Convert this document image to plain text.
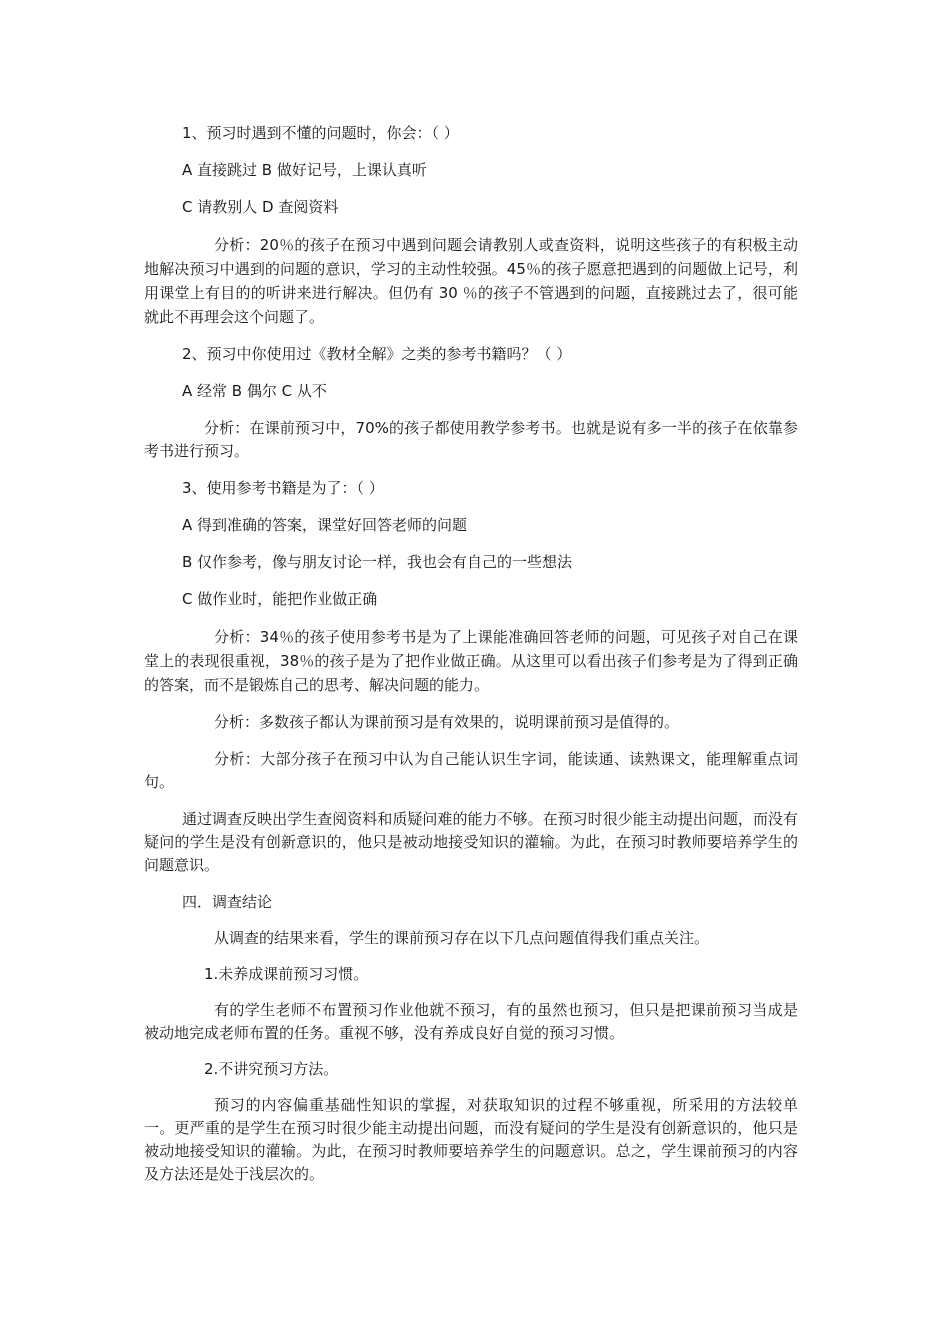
1、预习时遇到不懂的问题时，你会：（ ）

A 直接跳过 B 做好记号，上课认真听

C 请教别人 D 查阅资料

分析：20％的孩子在预习中遇到问题会请教别人或查资料，说明这些孩子的有积极主动地解决预习中遇到的问题的意识，学习的主动性较强。45％的孩子愿意把遇到的问题做上记号，利用课堂上有目的的听讲来进行解决。但仍有 30 ％的孩子不管遇到的问题，直接跳过去了，很可能就此不再理会这个问题了。

2、预习中你使用过《教材全解》之类的参考书籍吗？（ ）

A 经常 B 偶尔 C 从不

分析：在课前预习中，70%的孩子都使用教学参考书。也就是说有多一半的孩子在依靠参考书进行预习。

3、使用参考书籍是为了：（ ）

A 得到准确的答案，课堂好回答老师的问题

B 仅作参考，像与朋友讨论一样，我也会有自己的一些想法

C 做作业时，能把作业做正确

分析：34％的孩子使用参考书是为了上课能准确回答老师的问题，可见孩子对自己在课堂上的表现很重视，38％的孩子是为了把作业做正确。从这里可以看出孩子们参考是为了得到正确的答案，而不是锻炼自己的思考、解决问题的能力。

分析：多数孩子都认为课前预习是有效果的，说明课前预习是值得的。

分析：大部分孩子在预习中认为自己能认识生字词，能读通、读熟课文，能理解重点词句。

通过调查反映出学生查阅资料和质疑问难的能力不够。在预习时很少能主动提出问题，而没有疑问的学生是没有创新意识的，他只是被动地接受知识的灌输。为此，在预习时教师要培养学生的问题意识。

四．调查结论

从调查的结果来看，学生的课前预习存在以下几点问题值得我们重点关注。

1.未养成课前预习习惯。

有的学生老师不布置预习作业他就不预习，有的虽然也预习，但只是把课前预习当成是被动地完成老师布置的任务。重视不够，没有养成良好自觉的预习习惯。

2.不讲究预习方法。

预习的内容偏重基础性知识的掌握，对获取知识的过程不够重视，所采用的方法较单一。更严重的是学生在预习时很少能主动提出问题，而没有疑问的学生是没有创新意识的，他只是被动地接受知识的灌输。为此，在预习时教师要培养学生的问题意识。总之，学生课前预习的内容及方法还是处于浅层次的。
